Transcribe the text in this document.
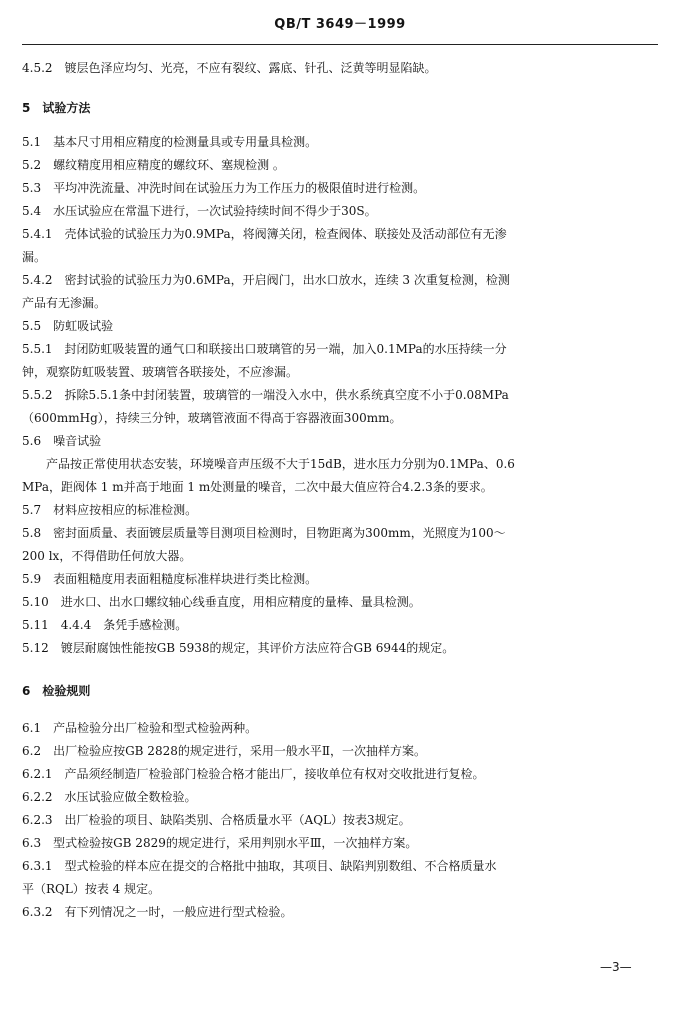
QB/T 3649－1999
4.5.2　镀层色泽应均匀、光亮，不应有裂纹、露底、针孔、泛黄等明显陷缺。
5　试验方法
5.1　基本尺寸用相应精度的检测量具或专用量具检测。
5.2　螺纹精度用相应精度的螺纹环、塞规检测 。
5.3　平均冲洗流量、冲洗时间在试验压力为工作压力的极限值时进行检测。
5.4　水压试验应在常温下进行，一次试验持续时间不得少于30S。
5.4.1　壳体试验的试验压力为0.9MPa，将阀簿关闭，检查阀体、联接处及活动部位有无渗
漏。
5.4.2　密封试验的试验压力为0.6MPa，开启阀门，出水口放水，连续 3 次重复检测，检测
产品有无渗漏。
5.5　防虹吸试验
5.5.1　封闭防虹吸装置的通气口和联接出口玻璃管的另一端，加入0.1MPa的水压持续一分
钟，观察防虹吸装置、玻璃管各联接处，不应渗漏。
5.5.2　拆除5.5.1条中封闭装置，玻璃管的一端没入水中，供水系统真空度不小于0.08MPa
（600mmHg），持续三分钟，玻璃管液面不得高于容器液面300mm。
5.6　噪音试验
产品按正常使用状态安装，环境噪音声压级不大于15dB，进水压力分别为0.1MPa、0.6
MPa，距阀体 1 m并高于地面 1 m处测量的噪音，二次中最大值应符合4.2.3条的要求。
5.7　材料应按相应的标准检测。
5.8　密封面质量、表面镀层质量等目测项目检测时，目物距离为300mm，光照度为100～
200 lx，不得借助任何放大器。
5.9　表面粗糙度用表面粗糙度标准样块进行类比检测。
5.10　进水口、出水口螺纹轴心线垂直度，用相应精度的量棒、量具检测。
5.11　4.4.4　条凭手感检测。
5.12　镀层耐腐蚀性能按GB 5938的规定，其评价方法应符合GB 6944的规定。
6　检验规则
6.1　产品检验分出厂检验和型式检验两种。
6.2　出厂检验应按GB 2828的规定进行，采用一般水平Ⅱ，一次抽样方案。
6.2.1　产品须经制造厂检验部门检验合格才能出厂，接收单位有权对交收批进行复检。
6.2.2　水压试验应做全数检验。
6.2.3　出厂检验的项目、缺陷类别、合格质量水平（AQL）按表3规定。
6.3　型式检验按GB 2829的规定进行，采用判别水平Ⅲ，一次抽样方案。
6.3.1　型式检验的样本应在提交的合格批中抽取，其项目、缺陷判别数组、不合格质量水
平（RQL）按表 4 规定。
6.3.2　有下列情况之一时，一般应进行型式检验。
—3—
